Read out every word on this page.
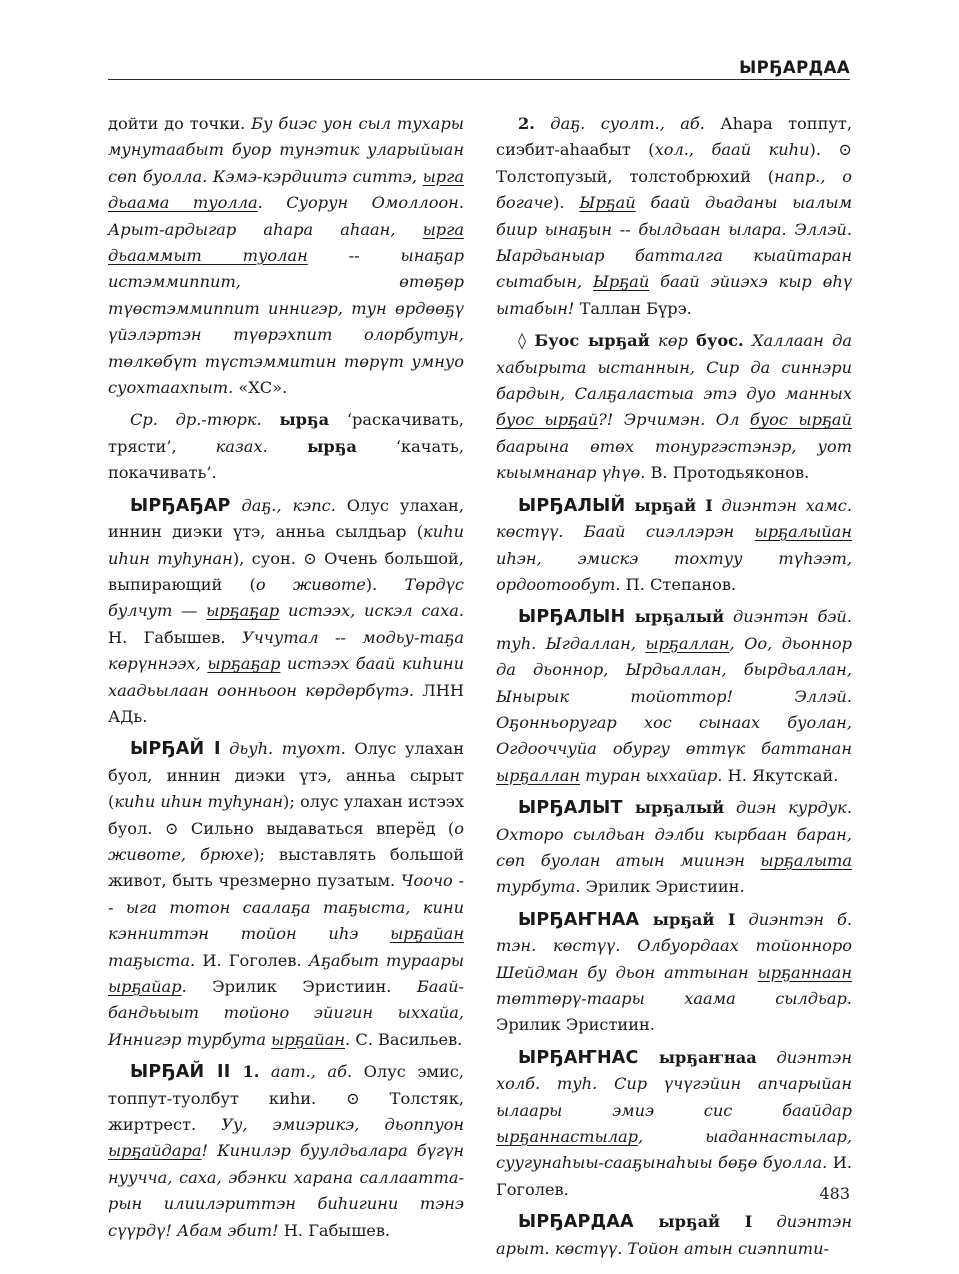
ЫРҔАРДАА

дойти до точки. Бу биэс уон сыл тухары мунутаабыт буор тунэтик уларыйыан сөп буолла. Кэмэ-кэрдиитэ ситтэ, ырга дьаама туолла. Суорун Омоллоон. Арыт-ардыгар аhара аhаан, ырга дьааммыт туолан -- ынаҕар истэммиппит, өтөҕөр түөстэммиппит иннигэр, тун өрдөөҕү үйэлэртэн түөрэхпит олорбутун, төлкөбүт түстэммитин төрүт умнуо суохтаахпыт. «ХС».

Ср. др.-тюрк. ырҕа ‘раскачивать, трясти’, казах. ырҕа ‘качать, покачивать’.

ЫРҔАҔАР даҕ., кэпс. Олус улахан, иннин диэки үтэ, анньа сылдьар (киhи иhин туhунан), суон. ⊙ Очень большой, выпирающий (о животе). Төрдүс булчут — ырҕаҕар истээх, искэл саха. Н. Габышев. Уччутал -- модьу-таҕа көрүннээх, ырҕаҕар истээх баай киhини хаадьылаан оонньоон көрдөрбүтэ. ЛНН АДь.

ЫРҔАЙ I дьуh. туохт. Олус улахан буол, иннин диэки үтэ, анньа сырыт (киhи иhин туhунан); олус улахан истээх буол. ⊙ Сильно выдаваться вперёд (о животе, брюхе); выставлять большой живот, быть чрезмерно пузатым. Чоочо -- ыга тотон саалаҕа таҕыста, кини кэнниттэн тойон иhэ ырҕайан таҕыста. И. Гоголев. Аҕабыт тураары ырҕайар. Эрилик Эристиин. Баай-бандьыыт тойоно эйигин ыххайа, Иннигэр турбута ырҕайан. С. Васильев.

ЫРҔАЙ II 1. аат., аб. Олус эмис, топпут-туолбут киhи. ⊙ Толстяк, жиртрест. Уу, эмиэрикэ, дьоппуон ырҕайдара! Кинилэр буулдьалара бүгүн нууччa, саха, эбэнки харана саллааттарын илиилэриттэн биhигини тэнэ сүүрдү! Абам эбит! Н. Габышев.

2. даҕ. суолт., аб. Аhара топпут, сиэбит-аhаабыт (хол., баай киhи). ⊙ Толстопузый, толстобрюхий (напр., о богаче). Ырҕай баай дьаданы ыалым биир ынаҕын -- былдьаан ылара. Эллэй. Ыардьаныар батталга кыайтаран сытабын, Ырҕай баай эйиэхэ кыр өhү ытабын! Таллан Бүрэ.

◊ Буос ырҕай көр буос. Халлаан да хабырыта ыстаннын, Сир да синнэри бардын, Салҕаластыа этэ дуо манных буос ырҕай?! Эрчимэн. Ол буос ырҕай баарына өтөх тонургэстэнэр, уот кыымнанар үhүө. В. Протодьяконов.

ЫРҔАЛЫЙ ырҕай I диэнтэн хамс. көстүү. Баай сиэллэрэн ырҕалыйан иhэн, эмискэ тохтуу түhээт, ордоотообут. П. Степанов.

ЫРҔАЛЫН ырҕалый диэнтэн бэй. туh. Ыгдаллан, ырҕаллан, Оо, дьоннор да дьоннор, Ырдьаллан, бырдьаллан, Ынырык тойоттор! Эллэй. Оҕонньоругар хос сынаах буолан, Огдооччуйа обургу өттүк баттанан ырҕаллан туран ыххайар. Н. Якутскай.

ЫРҔАЛЫТ ырҕалый диэн курдук. Охторо сылдьан дэлби кырбаан баран, сөп буолан атын миинэн ырҕалыта турбута. Эрилик Эристиин.

ЫРҔАҤНАА ырҕай I диэнтэн б. тэн. көстүү. Олбуордаах тойонноро Шейдман бу дьон аттынан ырҕаннаан төттөрү-таары хаама сылдьар. Эрилик Эристиин.

ЫРҔАҤНАС ырҕаҥнаа диэнтэн холб. туh. Сир үчүгэйин апчарыйан ылаары эмиэ сис баайдар ырҕаннастылар, ыаданнастылар, суугунаhыы-сааҕынаhыы бөҕө буолла. И. Гоголев.

ЫРҔАРДАА ырҕай I диэнтэн арыт. көстүү. Тойон атын сиэппити-

483
